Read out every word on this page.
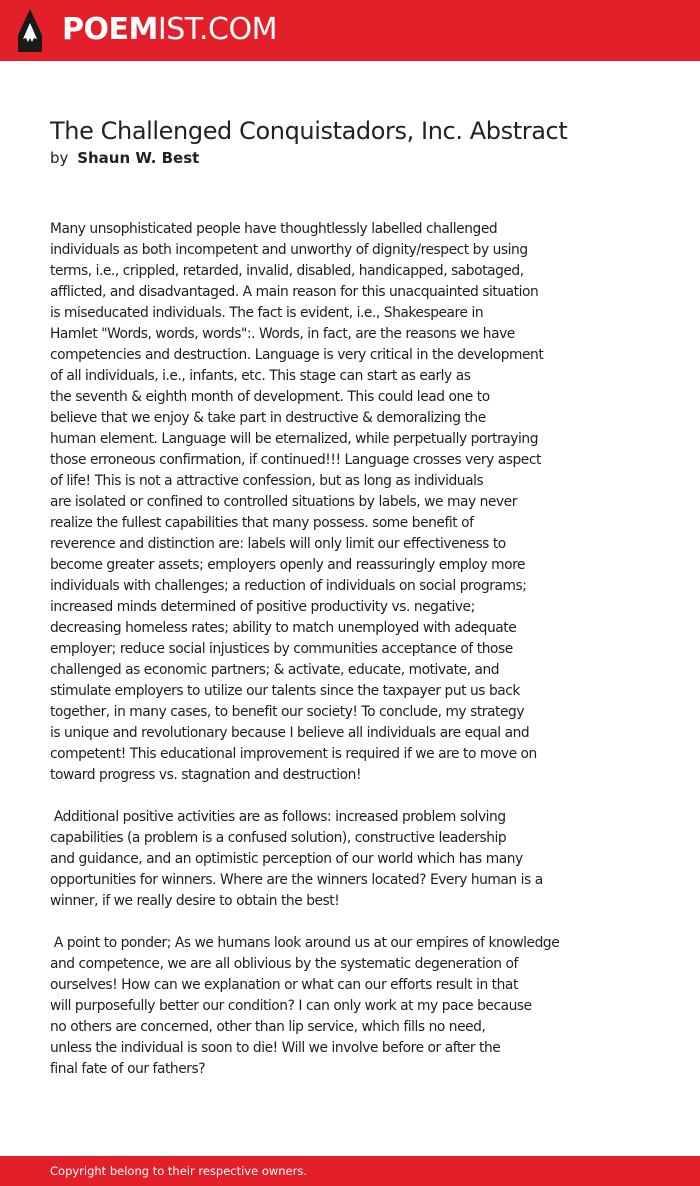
POEMIST.COM
The Challenged Conquistadors, Inc. Abstract
by Shaun W. Best
Many unsophisticated people have thoughtlessly labelled challenged
individuals as both incompetent and unworthy of dignity/respect by using
terms, i.e., crippled, retarded, invalid, disabled, handicapped, sabotaged,
afflicted, and disadvantaged. A main reason for this unacquainted situation
is miseducated individuals. The fact is evident, i.e., Shakespeare in
Hamlet "Words, words, words":. Words, in fact, are the reasons we have
competencies and destruction. Language is very critical in the development
of all individuals, i.e., infants, etc. This stage can start as early as
the seventh & eighth month of development. This could lead one to
believe that we enjoy & take part in destructive & demoralizing the
human element. Language will be eternalized, while perpetually portraying
those erroneous confirmation, if continued!!! Language crosses very aspect
of life! This is not a attractive confession, but as long as individuals
are isolated or confined to controlled situations by labels, we may never
realize the fullest capabilities that many possess. some benefit of
reverence and distinction are: labels will only limit our effectiveness to
become greater assets; employers openly and reassuringly employ more
individuals with challenges; a reduction of individuals on social programs;
increased minds determined of positive productivity vs. negative;
decreasing homeless rates; ability to match unemployed with adequate
employer; reduce social injustices by communities acceptance of those
challenged as economic partners; & activate, educate, motivate, and
stimulate employers to utilize our talents since the taxpayer put us back
together, in many cases, to benefit our society! To conclude, my strategy
is unique and revolutionary because I believe all individuals are equal and
competent! This educational improvement is required if we are to move on
toward progress vs. stagnation and destruction!
Additional positive activities are as follows: increased problem solving
capabilities (a problem is a confused solution), constructive leadership
and guidance, and an optimistic perception of our world which has many
opportunities for winners. Where are the winners located? Every human is a
winner, if we really desire to obtain the best!
A point to ponder; As we humans look around us at our empires of knowledge
and competence, we are all oblivious by the systematic degeneration of
ourselves! How can we explanation or what can our efforts result in that
will purposefully better our condition? I can only work at my pace because
no others are concerned, other than lip service, which fills no need,
unless the individual is soon to die! Will we involve before or after the
final fate of our fathers?
Copyright belong to their respective owners.
